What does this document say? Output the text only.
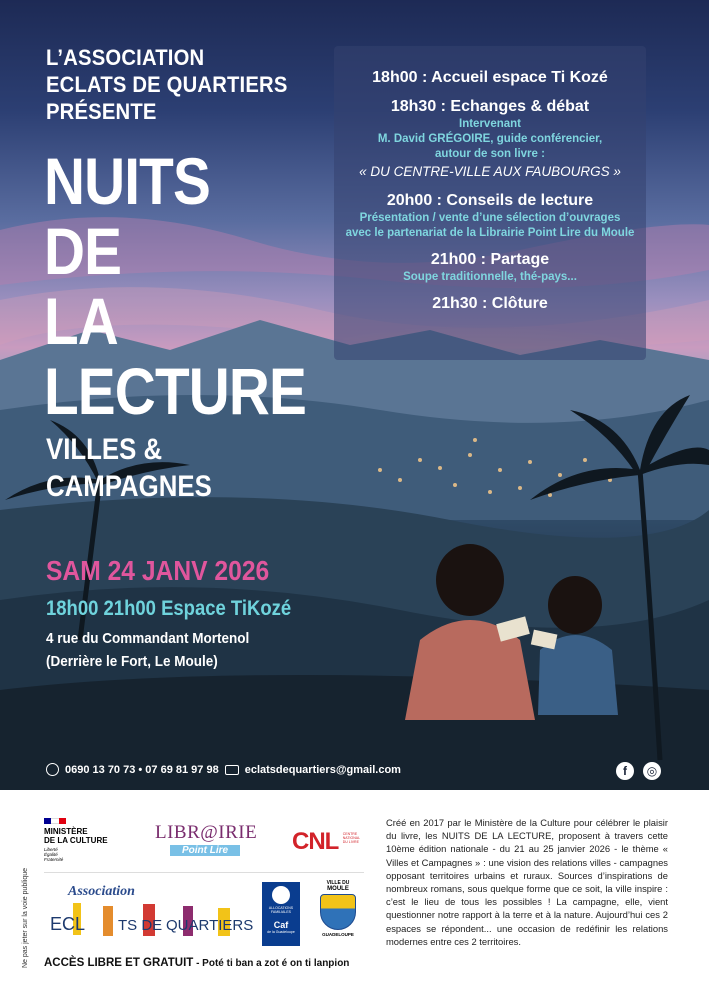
L’ASSOCIATION
ECLATS DE QUARTIERS
PRÉSENTE
NUITS
DE
LA
LECTURE
VILLES &
CAMPAGNES
SAM 24 JANV 2026
18h00 21h00 Espace TiKozé
4 rue du Commandant Mortenol
(Derrière le Fort, Le Moule)
18h00 : Accueil espace Ti Kozé
18h30 : Echanges & débat
Intervenant
M. David GRÉGOIRE, guide conférencier,
autour de son livre :
« DU CENTRE-VILLE AUX FAUBOURGS »
20h00 : Conseils de lecture
Présentation / vente d’une sélection d’ouvrages
avec le partenariat de la Librairie Point Lire du Moule
21h00 : Partage
Soupe traditionnelle, thé-pays...
21h30 : Clôture
0690 13 70 73 • 07 69 81 97 98 eclatsdequartiers@gmail.com	f	◎
MINISTÈRE
DE LA CULTURE
Liberté
Égalité
Fraternité
LIBR@IRIE
Point Lire	CNL CENTRE NATIONAL DU LIVRE
Association
ECL TS DE QUARTIERS
ALLOCATIONS FAMILIALES
Caf
de la Guadeloupe
VILLE DU
MOULE
GUADELOUPE
Ne pas jeter sur la voie publique ACCÈS LIBRE ET GRATUIT - Poté ti ban a zot é on ti lanpion
Créé en 2017 par le Ministère de la Culture pour célébrer le plaisir du livre, les NUITS DE LA LECTURE, proposent à travers cette 10ème édition nationale - du 21 au 25 janvier 2026 - le thème « Villes et Campagnes » : une vision des relations villes - campagnes opposant territoires urbains et ruraux. Sources d’inspirations de nombreux romans, sous quelque forme que ce soit, la ville inspire : c’est le lieu de tous les possibles ! La campagne, elle, vient questionner notre rapport à la terre et à la nature. Aujourd’hui ces 2 espaces se répondent... une occasion de redéfinir les relations modernes entre ces 2 territoires.
